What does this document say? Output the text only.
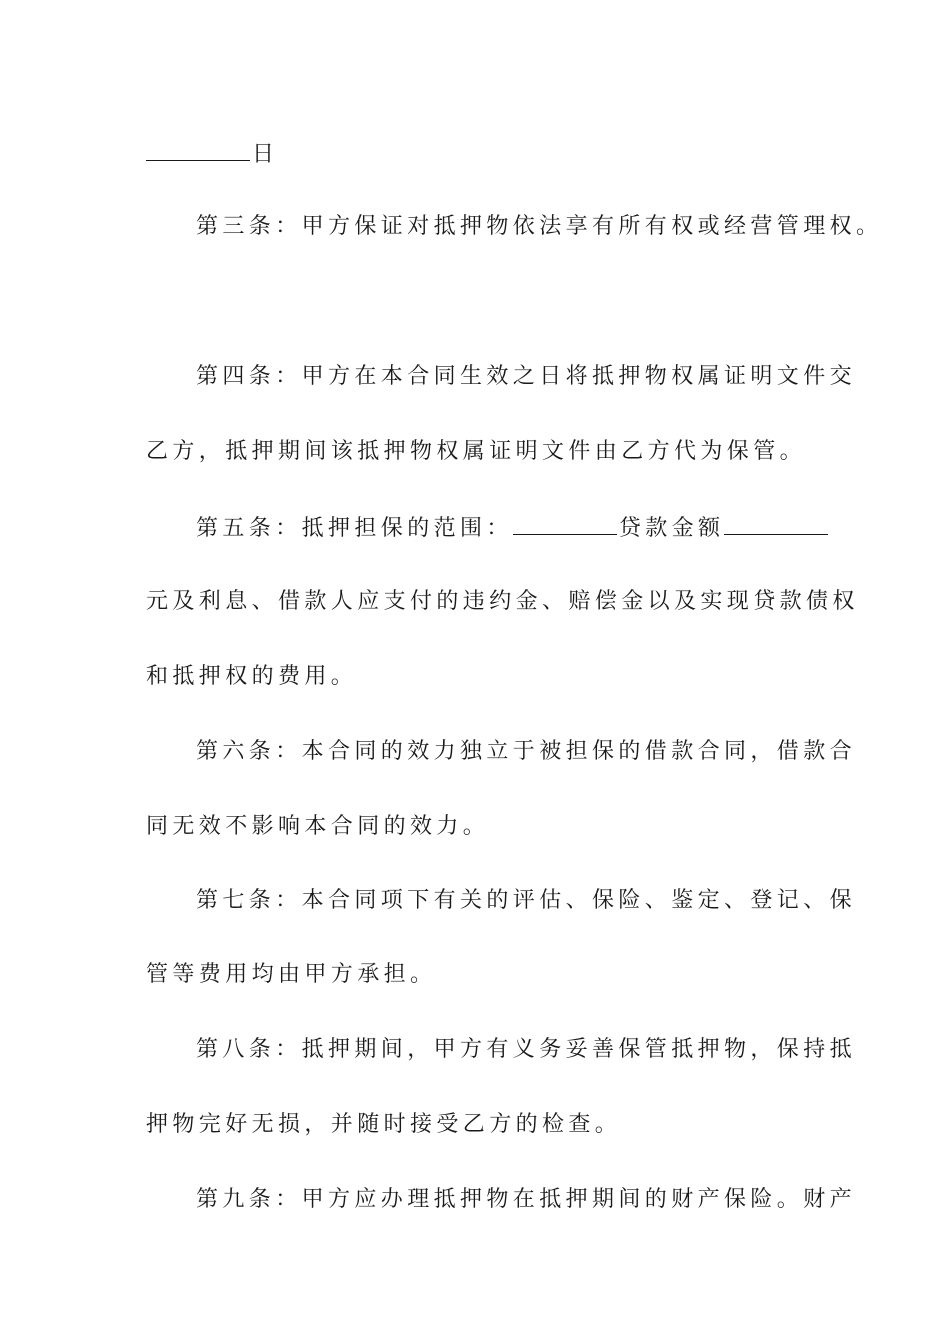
日
第三条：甲方保证对抵押物依法享有所有权或经营管理权。
第四条：甲方在本合同生效之日将抵押物权属证明文件交
乙方，抵押期间该抵押物权属证明文件由乙方代为保管。
第五条：抵押担保的范围：	贷款金额
元及利息、借款人应支付的违约金、赔偿金以及实现贷款债权
和抵押权的费用。
第六条：本合同的效力独立于被担保的借款合同，借款合
同无效不影响本合同的效力。
第七条：本合同项下有关的评估、保险、鉴定、登记、保
管等费用均由甲方承担。
第八条：抵押期间，甲方有义务妥善保管抵押物，保持抵
押物完好无损，并随时接受乙方的检查。
第九条：甲方应办理抵押物在抵押期间的财产保险。财产
